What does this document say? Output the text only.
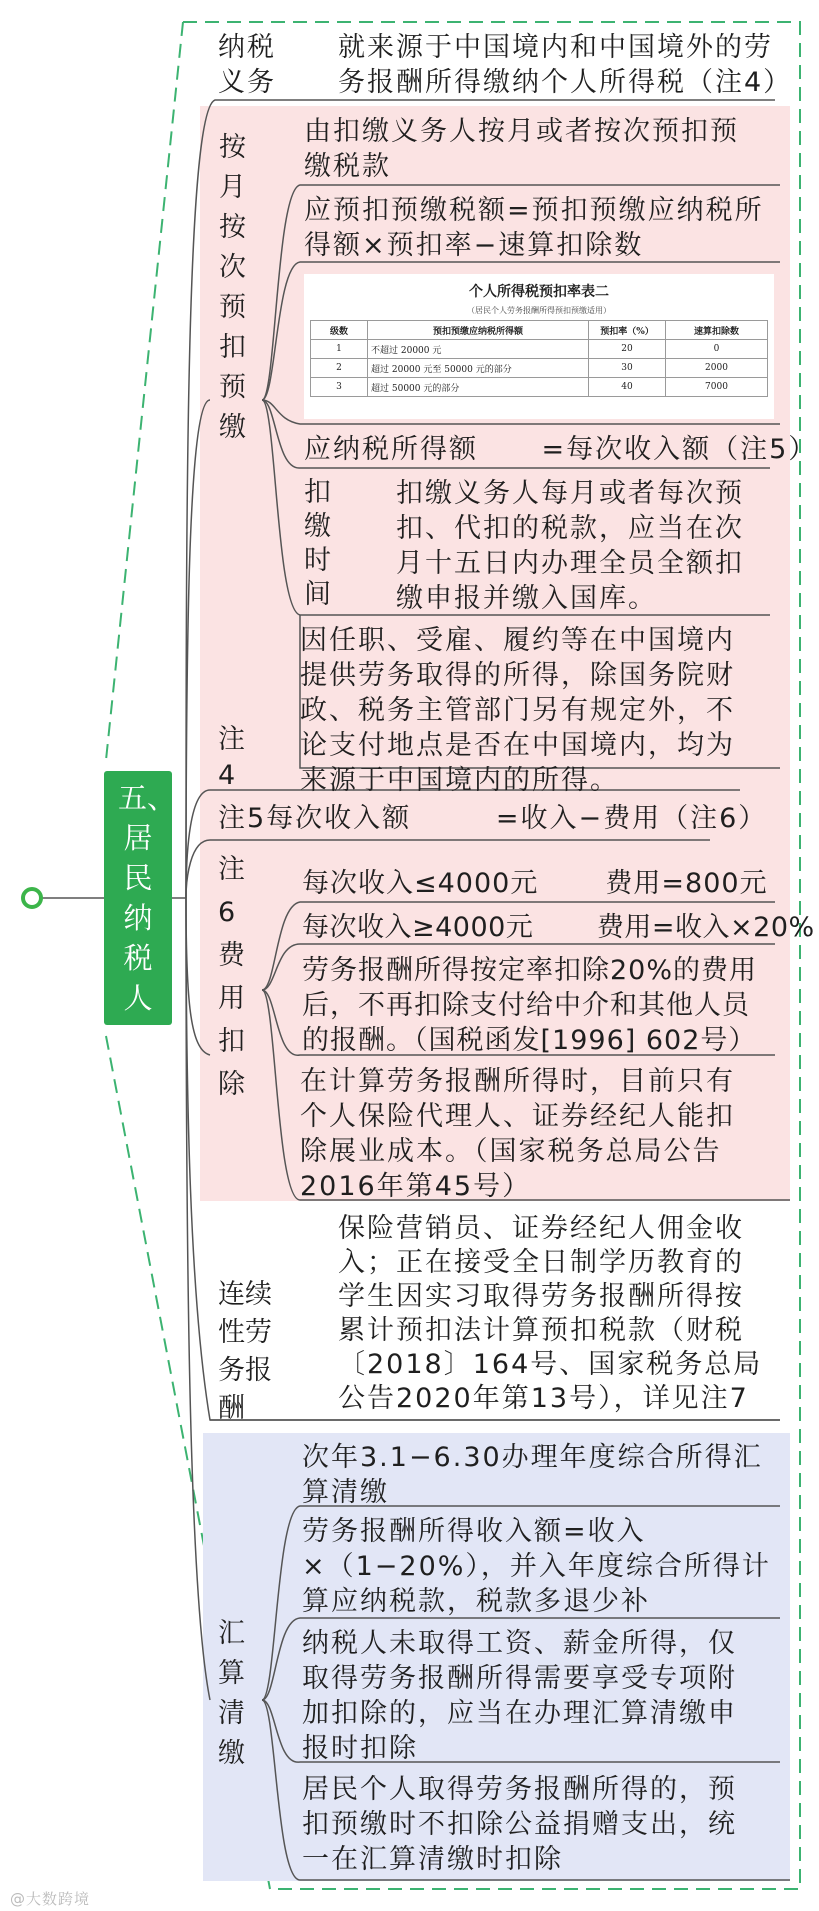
五、居民纳税人
纳税
义务
就来源于中国境内和中国境外的劳
务报酬所得缴纳个人所得税（注4）
按
月
按
次
预
扣
预
缴
由扣缴义务人按月或者按次预扣预
缴税款
应预扣预缴税额=预扣预缴应纳税所
得额×预扣率−速算扣除数
个人所得税预扣率表二
（居民个人劳务报酬所得预扣预缴适用）
级数	预扣预缴应纳税所得额	预扣率（%）	速算扣除数
1	不超过 20000 元	20	0
2	超过 20000 元至 50000 元的部分	30	2000
3	超过 50000 元的部分	40	7000
应纳税所得额      =每次收入额（注5）
扣
缴
时
间
扣缴义务人每月或者每次预
扣、代扣的税款，应当在次
月十五日内办理全员全额扣
缴申报并缴入国库。
注
4
因任职、受雇、履约等在中国境内
提供劳务取得的所得，除国务院财
政、税务主管部门另有规定外，不
论支付地点是否在中国境内，均为
来源于中国境内的所得。
注5每次收入额        =收入−费用（注6）
注
6
费
用
扣
除
每次收入≤4000元       费用=800元
每次收入≥4000元       费用=收入×20%
劳务报酬所得按定率扣除20%的费用
后，不再扣除支付给中介和其他人员
的报酬。（国税函发[1996] 602号）
在计算劳务报酬所得时，目前只有
个人保险代理人、证券经纪人能扣
除展业成本。（国家税务总局公告
2016年第45号）
连续
性劳
务报
酬
保险营销员、证券经纪人佣金收
入；正在接受全日制学历教育的
学生因实习取得劳务报酬所得按
累计预扣法计算预扣税款（财税
〔2018〕164号、国家税务总局
公告2020年第13号），详见注7
汇
算
清
缴
次年3.1−6.30办理年度综合所得汇
算清缴
劳务报酬所得收入额=收入
×（1−20%），并入年度综合所得计
算应纳税款，税款多退少补
纳税人未取得工资、薪金所得，仅
取得劳务报酬所得需要享受专项附
加扣除的，应当在办理汇算清缴申
报时扣除
居民个人取得劳务报酬所得的，预
扣预缴时不扣除公益捐赠支出，统
一在汇算清缴时扣除
@大数跨境
